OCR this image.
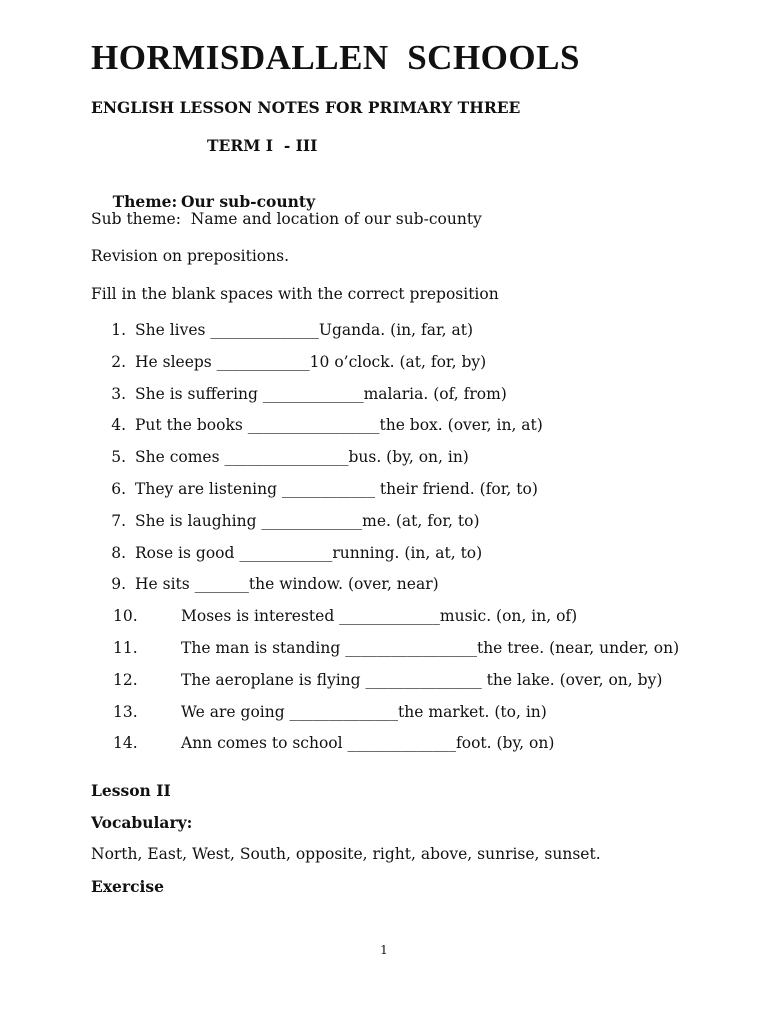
HORMISDALLEN  SCHOOLS
ENGLISH LESSON NOTES FOR PRIMARY THREE
TERM I  - III

Theme: Our sub-county

Sub theme:  Name and location of our sub-county
Revision on prepositions.
Fill in the blank spaces with the correct preposition
1. She lives ______________Uganda. (in, far, at)
2. He sleeps ____________10 o’clock. (at, for, by)
3. She is suffering _____________malaria. (of, from)
4. Put the books _________________the box. (over, in, at)
5. She comes ________________bus. (by, on, in)
6. They are listening ____________ their friend. (for, to)
7. She is laughing _____________me. (at, for, to)
8. Rose is good ____________running. (in, at, to)
9. He sits _______the window. (over, near)
10.	Moses is interested _____________music. (on, in, of)
11.	The man is standing _________________the tree. (near, under, on)
12.	The aeroplane is flying _______________ the lake. (over, on, by)
13.	We are going ______________the market. (to, in)
14.	Ann comes to school ______________foot. (by, on)
Lesson II
Vocabulary:
North, East, West, South, opposite, right, above, sunrise, sunset.
Exercise
1
